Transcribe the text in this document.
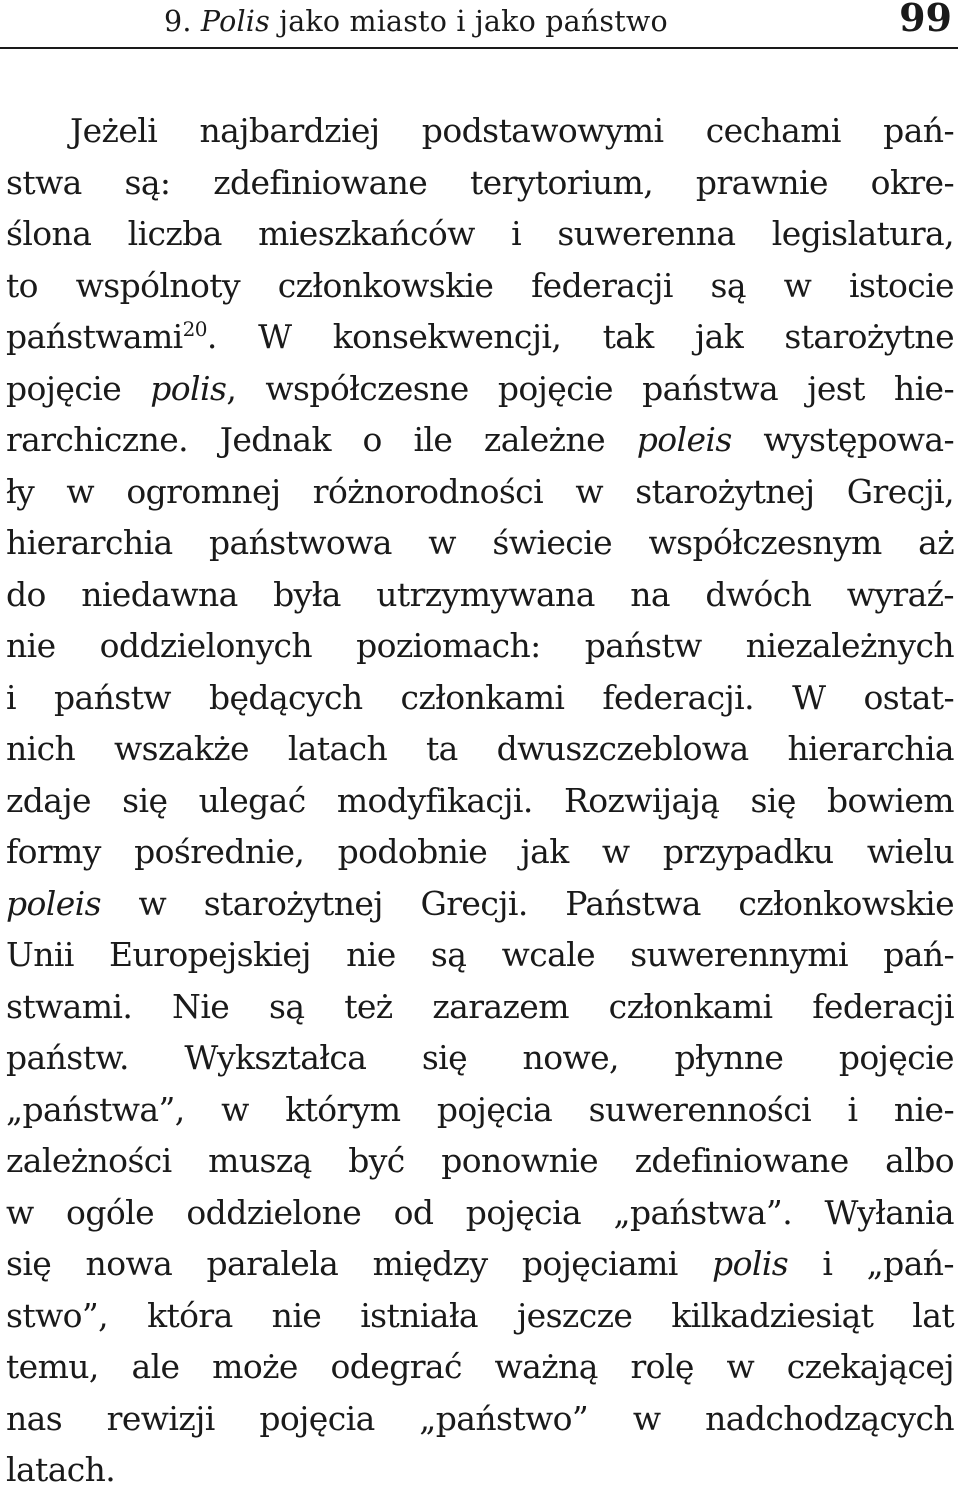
9. Polis jako miasto i jako państwo	99
Jeżeli najbardziej podstawowymi cechami pań-
stwa są: zdefiniowane terytorium, prawnie okre-
ślona liczba mieszkańców i suwerenna legislatura,
to wspólnoty członkowskie federacji są w istocie
państwami$^{20}$. W konsekwencji, tak jak starożytne
pojęcie polis, współczesne pojęcie państwa jest hie-
rarchiczne. Jednak o ile zależne poleis występowa-
ły w ogromnej różnorodności w starożytnej Grecji,
hierarchia państwowa w świecie współczesnym aż
do niedawna była utrzymywana na dwóch wyraź-
nie oddzielonych poziomach: państw niezależnych
i państw będących członkami federacji. W ostat-
nich wszakże latach ta dwuszczeblowa hierarchia
zdaje się ulegać modyfikacji. Rozwijają się bowiem
formy pośrednie, podobnie jak w przypadku wielu
poleis w starożytnej Grecji. Państwa członkowskie
Unii Europejskiej nie są wcale suwerennymi pań-
stwami. Nie są też zarazem członkami federacji
państw. Wykształca się nowe, płynne pojęcie
„państwa”, w którym pojęcia suwerenności i nie-
zależności muszą być ponownie zdefiniowane albo
w ogóle oddzielone od pojęcia „państwa”. Wyłania
się nowa paralela między pojęciami polis i „pań-
stwo”, która nie istniała jeszcze kilkadziesiąt lat
temu, ale może odegrać ważną rolę w czekającej
nas rewizji pojęcia „państwo” w nadchodzących
latach.
